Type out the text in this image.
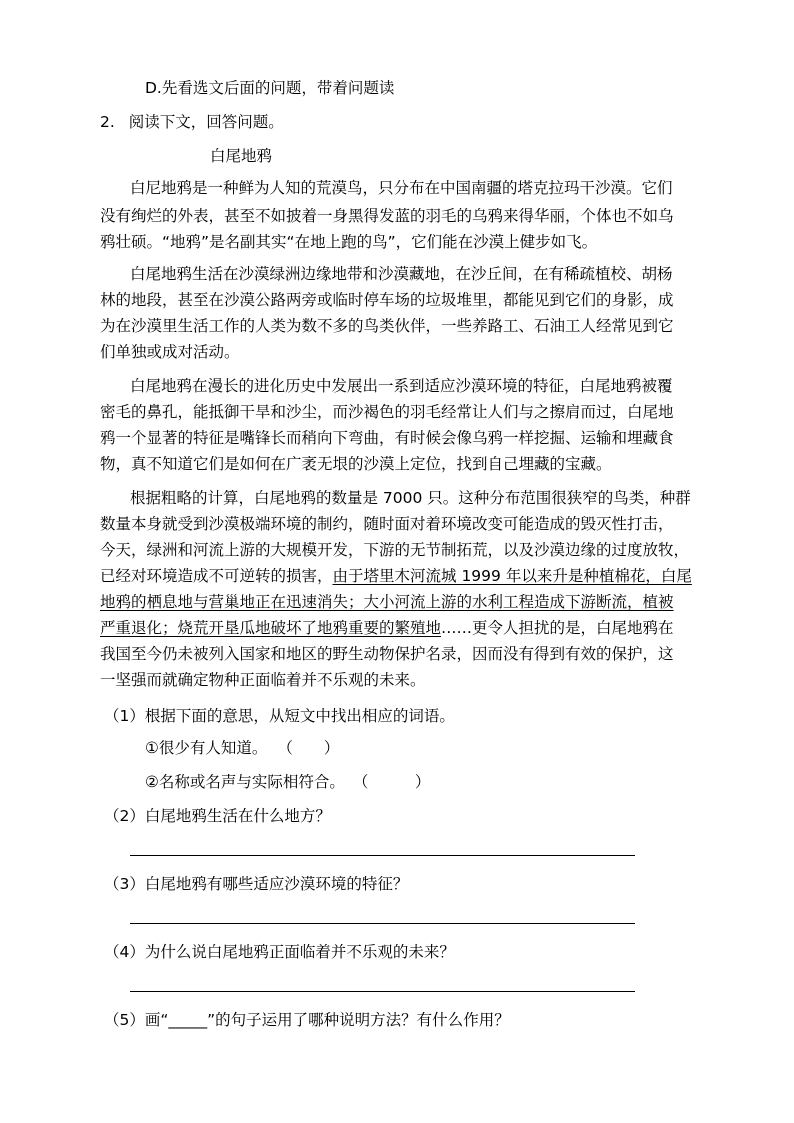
D.先看选文后面的问题，带着问题读
2. 阅读下文，回答问题。
白尾地鸦
白尼地鸦是一种鲜为人知的荒漠鸟，只分布在中国南疆的塔克拉玛干沙漠。它们
没有绚烂的外表，甚至不如披着一身黑得发蓝的羽毛的乌鸦来得华丽，个体也不如乌
鸦壮硕。“地鸦”是名副其实“在地上跑的鸟”，它们能在沙漠上健步如飞。
白尾地鸦生活在沙漠绿洲边缘地带和沙漠藏地，在沙丘间，在有稀疏植校、胡杨
林的地段，甚至在沙漠公路两旁或临时停车场的垃圾堆里，都能见到它们的身影，成
为在沙漠里生活工作的人类为数不多的鸟类伙伴，一些养路工、石油工人经常见到它
们单独或成对活动。
白尾地鸦在漫长的进化历史中发展出一系到适应沙漠环境的特征，白尾地鸦被覆
密毛的鼻孔，能抵御干旱和沙尘，而沙褐色的羽毛经常让人们与之擦肩而过，白尾地
鸦一个显著的特征是嘴锋长而稍向下弯曲，有时候会像乌鸦一样挖掘、运输和埋藏食
物，真不知道它们是如何在广袤无垠的沙漠上定位，找到自己埋藏的宝藏。
根据粗略的计算，白尾地鸦的数量是 7000 只。这种分布范围很狭窄的鸟类，种群
数量本身就受到沙漠极端环境的制约，随时面对着环境改变可能造成的毁灭性打击，
今天，绿洲和河流上游的大规模开发，下游的无节制拓荒，以及沙漠边缘的过度放牧，
已经对环境造成不可逆转的损害，由于塔里木河流城 1999 年以来升是种植棉花，白尾
地鸦的栖息地与营巢地正在迅速消失；大小河流上游的水利工程造成下游断流，植被
严重退化；烧荒开垦瓜地破坏了地鸦重要的繁殖地……更令人担扰的是，白尾地鸦在
我国至今仍未被列入国家和地区的野生动物保护名录，因而没有得到有效的保护，这
一坚强而就确定物种正面临着并不乐观的未来。
（1）根据下面的意思，从短文中找出相应的词语。
①很少有人知道。 （　　）
②名称或名声与实际相符合。 （　　　）
（2）白尾地鸦生活在什么地方？
（3）白尾地鸦有哪些适应沙漠环境的特征？
（4）为什么说白尾地鸦正面临着并不乐观的未来？
（5）画“_____”的句子运用了哪种说明方法？有什么作用？
